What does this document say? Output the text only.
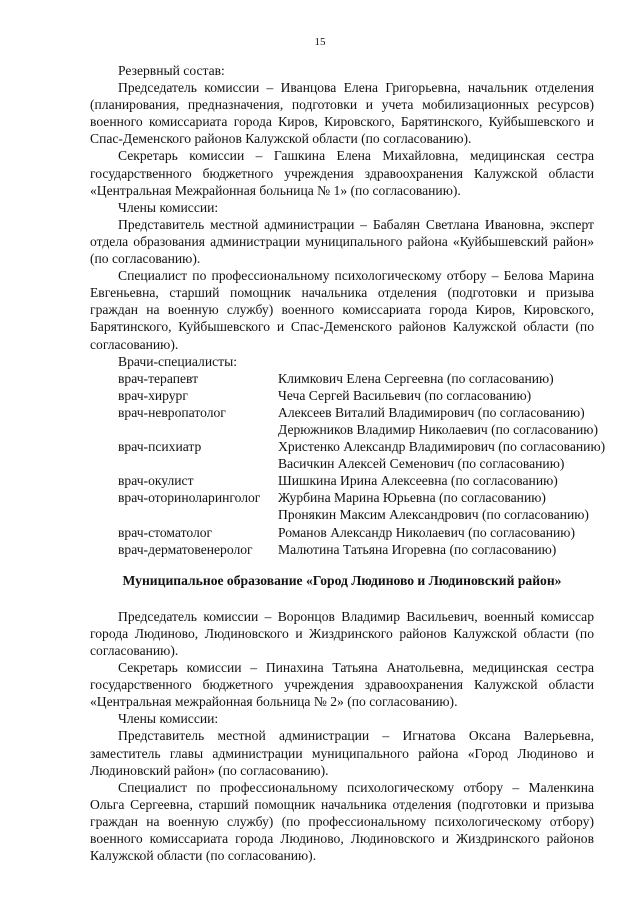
15

Резервный состав:

Председатель комиссии – Иванцова Елена Григорьевна, начальник отделения (планирования, предназначения, подготовки и учета мобилизационных ресурсов) военного комиссариата города Киров, Кировского, Барятинского, Куйбышевского и Спас-Деменского районов Калужской области (по согласованию).

Секретарь комиссии – Гашкина Елена Михайловна, медицинская сестра государственного бюджетного учреждения здравоохранения Калужской области «Центральная Межрайонная больница № 1» (по согласованию).

Члены комиссии:

Представитель местной администрации – Бабалян Светлана Ивановна, эксперт отдела образования администрации муниципального района «Куйбышевский район» (по согласованию).

Специалист по профессиональному психологическому отбору – Белова Марина Евгеньевна, старший помощник начальника отделения (подготовки и призыва граждан на военную службу) военного комиссариата города Киров, Кировского, Барятинского, Куйбышевского и Спас-Деменского районов Калужской области (по согласованию).

Врачи-специалисты:

врач-терапевт	Климкович Елена Сергеевна (по согласованию)
врач-хирург	Чеча Сергей Васильевич (по согласованию)
врач-невропатолог	Алексеев Виталий Владимирович (по согласованию)
Дерюжников Владимир Николаевич (по согласованию)
врач-психиатр	Христенко Александр Владимирович (по согласованию)
Васичкин Алексей Семенович (по согласованию)
врач-окулист	Шишкина Ирина Алексеевна (по согласованию)
врач-оториноларинголог	Журбина Марина Юрьевна (по согласованию)
Пронякин Максим Александрович (по согласованию)
врач-стоматолог	Романов Александр Николаевич (по согласованию)
врач-дерматовенеролог	Малютина Татьяна Игоревна (по согласованию)

Муниципальное образование «Город Людиново и Людиновский район»

Председатель комиссии – Воронцов Владимир Васильевич, военный комиссар города Людиново, Людиновского и Жиздринского районов Калужской области (по согласованию).

Секретарь комиссии – Пинахина Татьяна Анатольевна, медицинская сестра государственного бюджетного учреждения здравоохранения Калужской области «Центральная межрайонная больница № 2» (по согласованию).

Члены комиссии:

Представитель местной администрации – Игнатова Оксана Валерьевна, заместитель главы администрации муниципального района «Город Людиново и Людиновский район» (по согласованию).

Специалист по профессиональному психологическому отбору – Маленкина Ольга Сергеевна, старший помощник начальника отделения (подготовки и призыва граждан на военную службу) (по профессиональному психологическому отбору) военного комиссариата города Людиново, Людиновского и Жиздринского районов Калужской области (по согласованию).
